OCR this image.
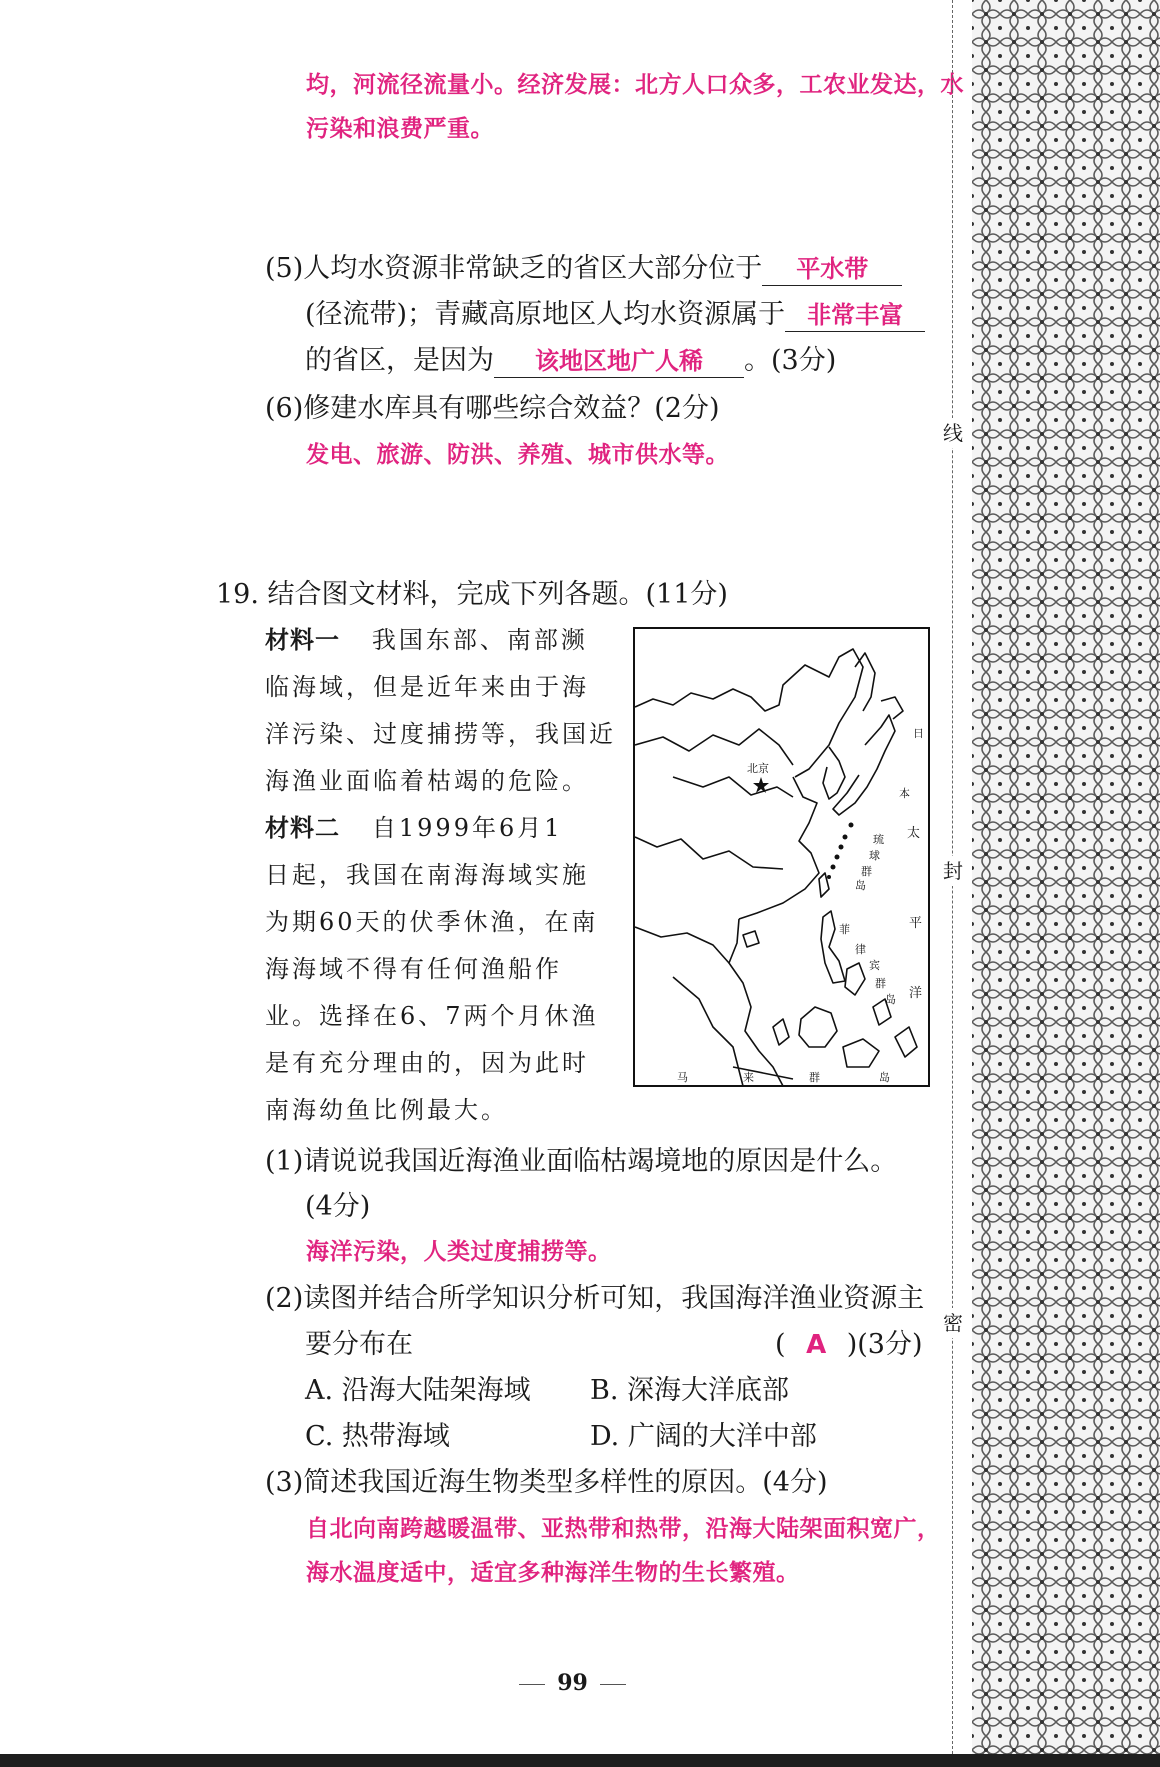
均，河流径流量小。经济发展：北方人口众多，工农业发达，水
污染和浪费严重。
(5)人均水资源非常缺乏的省区大部分位于 平水带
(径流带)；青藏高原地区人均水资源属于 非常丰富
的省区，是因为 该地区地广人稀 。(3分)
(6)修建水库具有哪些综合效益？(2分)
发电、旅游、防洪、养殖、城市供水等。
19. 结合图文材料，完成下列各题。(11分)
材料一 我国东部、南部濒
临海域，但是近年来由于海
洋污染、过度捕捞等，我国近
海渔业面临着枯竭的危险。
材料二 自1999年6月1
日起，我国在南海海域实施
为期60天的伏季休渔，在南
海海域不得有任何渔船作
业。选择在6、7两个月休渔
是有充分理由的，因为此时
南海幼鱼比例最大。
北京
日
本
琉
球
群
岛
太
平
洋
菲
律
宾
群
岛
马	来	群	岛
(1)请说说我国近海渔业面临枯竭境地的原因是什么。
(4分)
海洋污染，人类过度捕捞等。
(2)读图并结合所学知识分析可知，我国海洋渔业资源主
要分布在	( A )(3分)
A. 沿海大陆架海域 B. 深海大洋底部
C. 热带海域	D. 广阔的大洋中部
(3)简述我国近海生物类型多样性的原因。(4分)
自北向南跨越暖温带、亚热带和热带，沿海大陆架面积宽广，
海水温度适中，适宜多种海洋生物的生长繁殖。
99
线
封
密
